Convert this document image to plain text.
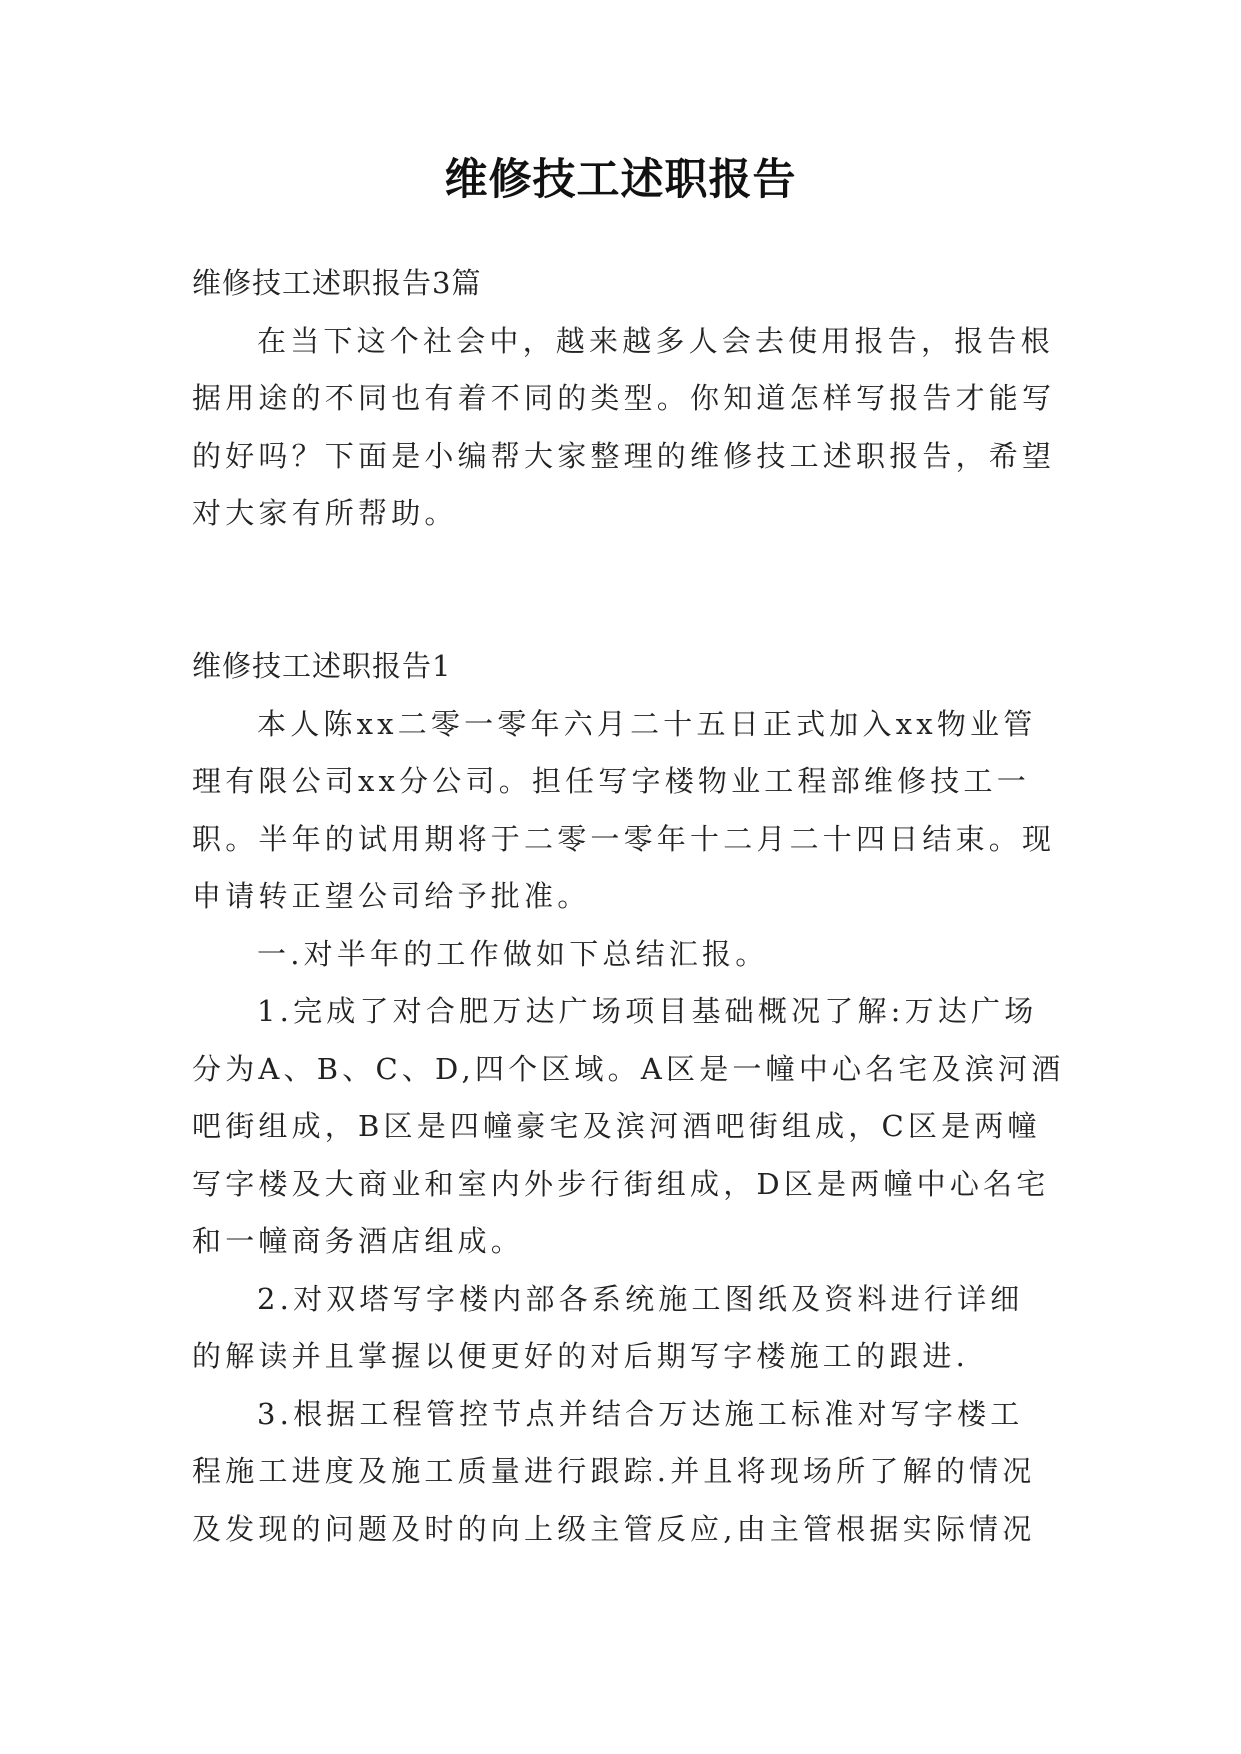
维修技工述职报告

维修技工述职报告3篇

在当下这个社会中，越来越多人会去使用报告，报告根

据用途的不同也有着不同的类型。你知道怎样写报告才能写

的好吗？下面是小编帮大家整理的维修技工述职报告，希望

对大家有所帮助。

维修技工述职报告1

本人陈xx二零一零年六月二十五日正式加入xx物业管

理有限公司xx分公司。担任写字楼物业工程部维修技工一

职。半年的试用期将于二零一零年十二月二十四日结束。现

申请转正望公司给予批准。

一.对半年的工作做如下总结汇报。

1.完成了对合肥万达广场项目基础概况了解:万达广场

分为A、B、C、D,四个区域。A区是一幢中心名宅及滨河酒

吧街组成，B区是四幢豪宅及滨河酒吧街组成，C区是两幢

写字楼及大商业和室内外步行街组成，D区是两幢中心名宅

和一幢商务酒店组成。

2.对双塔写字楼内部各系统施工图纸及资料进行详细

的解读并且掌握以便更好的对后期写字楼施工的跟进.

3.根据工程管控节点并结合万达施工标准对写字楼工

程施工进度及施工质量进行跟踪.并且将现场所了解的情况

及发现的问题及时的向上级主管反应,由主管根据实际情况
